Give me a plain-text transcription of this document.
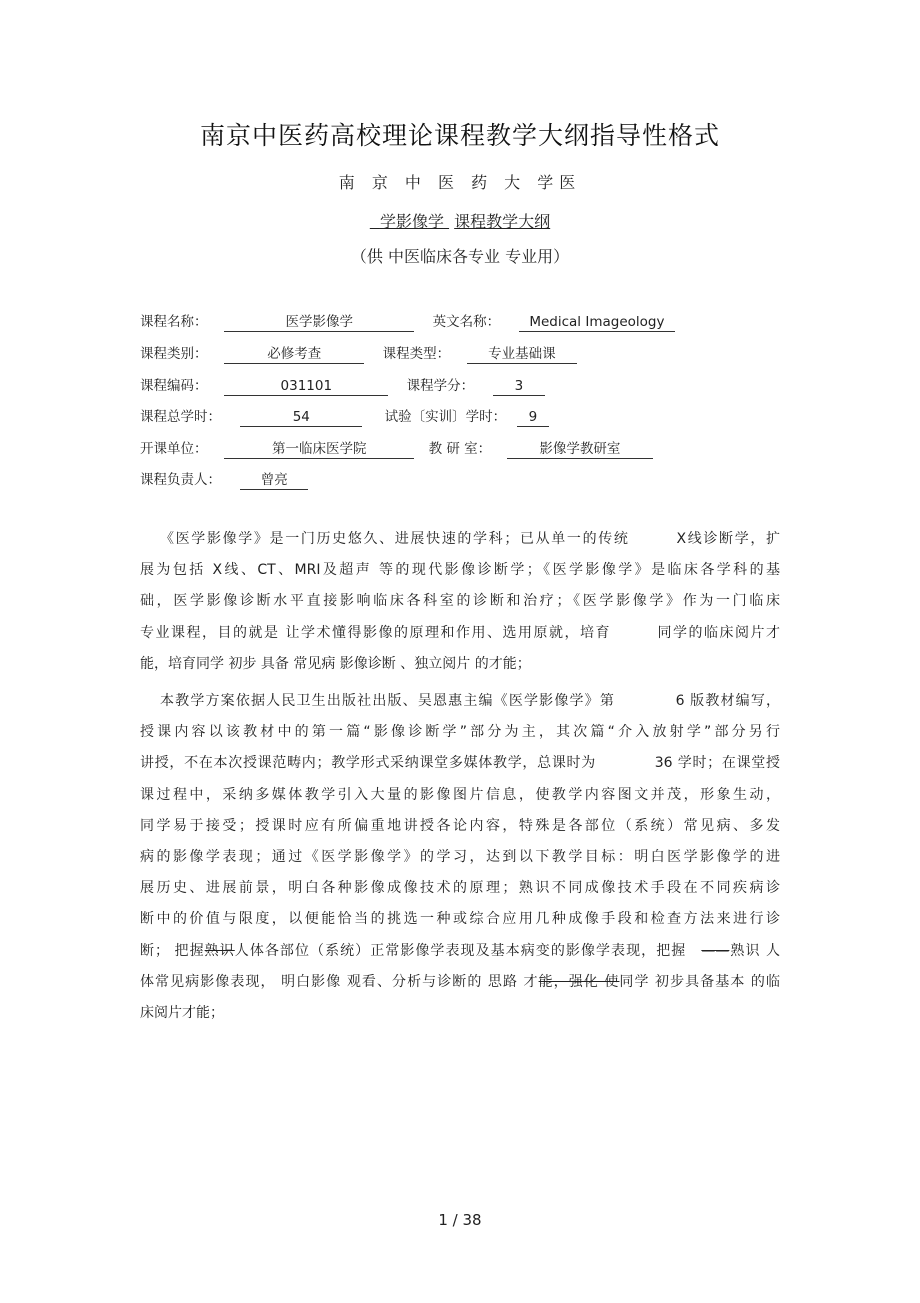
南京中医药高校理论课程教学大纲指导性格式
南 京 中 医 药 大 学医
学影像学 课程教学大纲
（供 中医临床各专业 专业用）
课程名称：	医学影像学	英文名称： Medical Imageology
课程类别：	必修考查	课程类型：	专业基础课
课程编码：	031101	课程学分：	3
课程总学时：	54	试验〔实训〕学时： 9
开课单位：	第一临床医学院	教 研 室：	影像学教研室
课程负责人：	曾亮

《医学影像学》是一门历史悠久、进展快速的学科；已从单一的传统　　　X线诊断学，扩

展为包括 X线、CT、MRI及超声 等的现代影像诊断学；《医学影像学》是临床各学科的基

础，医学影像诊断水平直接影响临床各科室的诊断和治疗；《医学影像学》作为一门临床

专业课程，目的就是 让学术懂得影像的原理和作用、选用原就，培育　　　同学的临床阅片才

能，培育同学 初步 具备 常见病 影像诊断 、独立阅片 的才能；

本教学方案依据人民卫生出版社出版、吴恩惠主编《医学影像学》第　　　　6 版教材编写，

授课内容以该教材中的第一篇“影像诊断学”部分为主，其次篇“介入放射学”部分另行

讲授，不在本次授课范畴内；教学形式采纳课堂多媒体教学，总课时为　　　　36 学时；在课堂授

课过程中，采纳多媒体教学引入大量的影像图片信息，使教学内容图文并茂，形象生动，

同学易于接受；授课时应有所偏重地讲授各论内容，特殊是各部位（系统）常见病、多发

病的影像学表现；通过《医学影像学》的学习，达到以下教学目标：明白医学影像学的进

展历史、进展前景，明白各种影像成像技术的原理；熟识不同成像技术手段在不同疾病诊

断中的价值与限度，以便能恰当的挑选一种或综合应用几种成像手段和检查方法来进行诊

断； 把握熟识人体各部位（系统）正常影像学表现及基本病变的影像学表现，把握　——熟识 人

体常见病影像表现， 明白影像 观看、分析与诊断的 思路 才能，强化 使同学 初步具备基本 的临

床阅片才能；

1 / 38
